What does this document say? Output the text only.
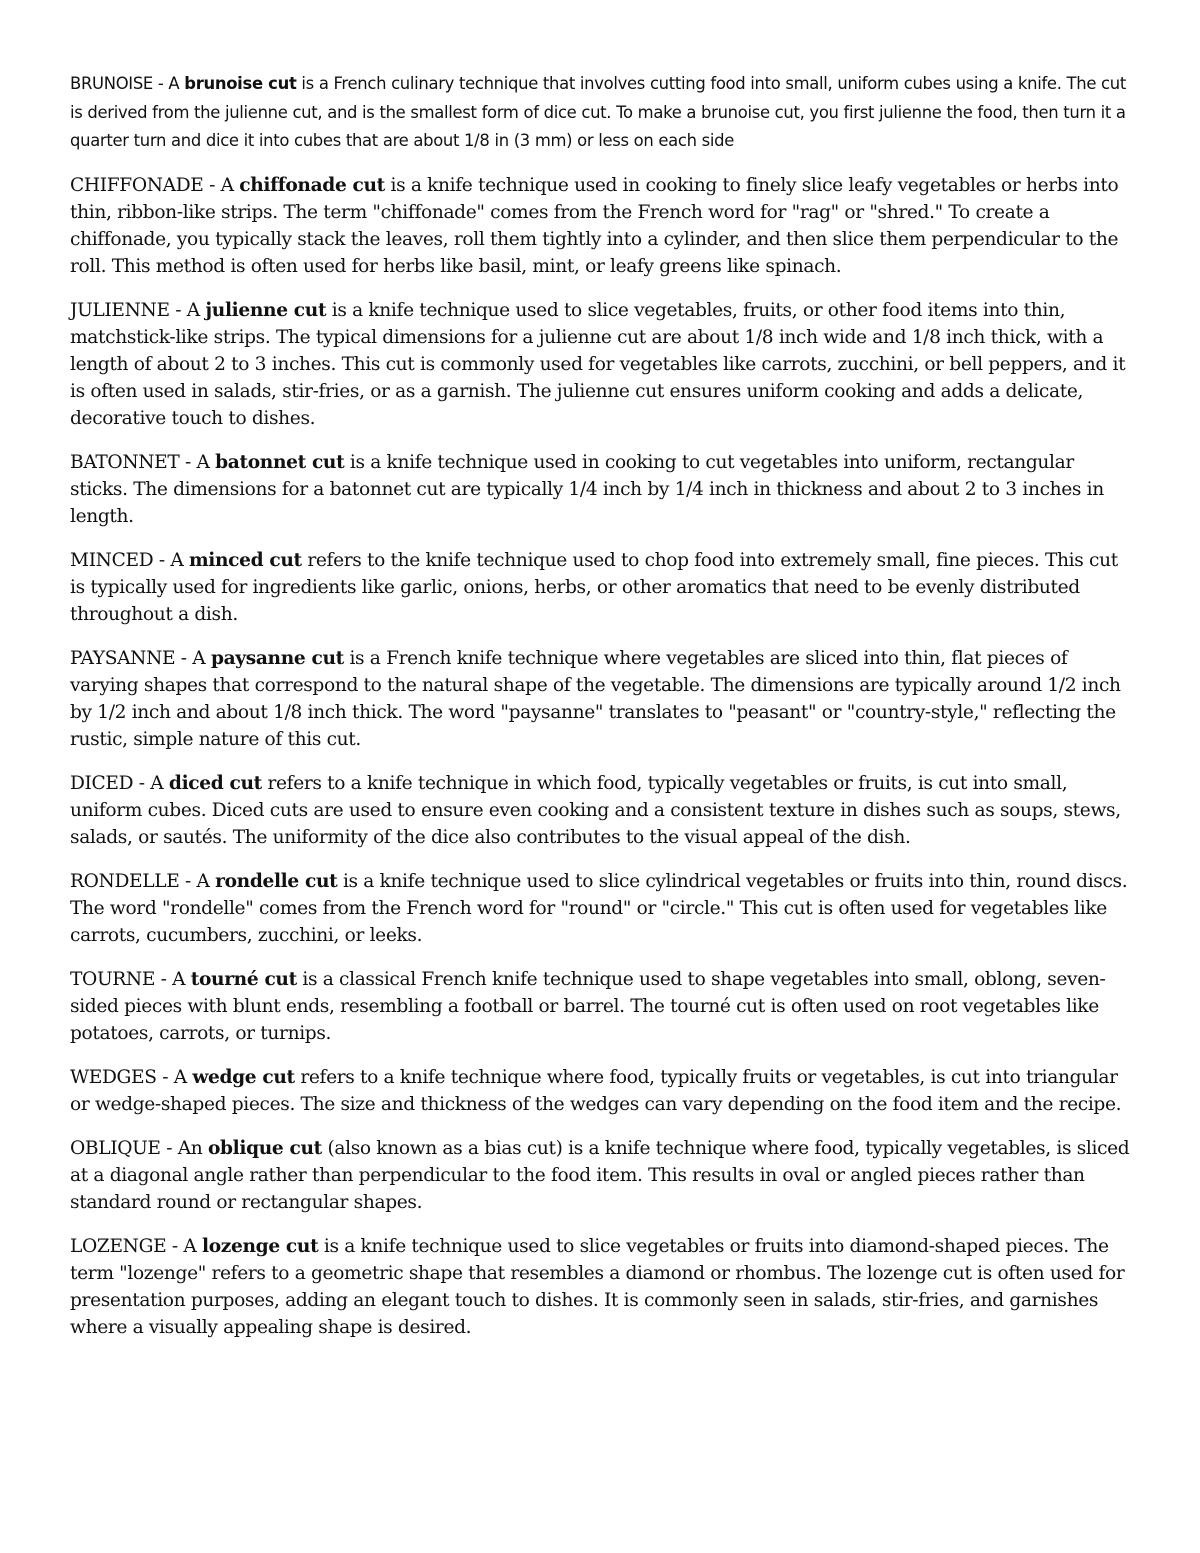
BRUNOISE - A brunoise cut is a French culinary technique that involves cutting food into small, uniform cubes using a knife. The cut is derived from the julienne cut, and is the smallest form of dice cut. To make a brunoise cut, you first julienne the food, then turn it a quarter turn and dice it into cubes that are about 1/8 in (3 mm) or less on each side

CHIFFONADE - A chiffonade cut is a knife technique used in cooking to finely slice leafy vegetables or herbs into thin, ribbon-like strips. The term "chiffonade" comes from the French word for "rag" or "shred." To create a chiffonade, you typically stack the leaves, roll them tightly into a cylinder, and then slice them perpendicular to the roll. This method is often used for herbs like basil, mint, or leafy greens like spinach.

JULIENNE - A julienne cut is a knife technique used to slice vegetables, fruits, or other food items into thin, matchstick-like strips. The typical dimensions for a julienne cut are about 1/8 inch wide and 1/8 inch thick, with a length of about 2 to 3 inches. This cut is commonly used for vegetables like carrots, zucchini, or bell peppers, and it is often used in salads, stir-fries, or as a garnish. The julienne cut ensures uniform cooking and adds a delicate, decorative touch to dishes.

BATONNET - A batonnet cut is a knife technique used in cooking to cut vegetables into uniform, rectangular sticks. The dimensions for a batonnet cut are typically 1/4 inch by 1/4 inch in thickness and about 2 to 3 inches in length.

MINCED - A minced cut refers to the knife technique used to chop food into extremely small, fine pieces. This cut is typically used for ingredients like garlic, onions, herbs, or other aromatics that need to be evenly distributed throughout a dish.

PAYSANNE - A paysanne cut is a French knife technique where vegetables are sliced into thin, flat pieces of varying shapes that correspond to the natural shape of the vegetable. The dimensions are typically around 1/2 inch by 1/2 inch and about 1/8 inch thick. The word "paysanne" translates to "peasant" or "country-style," reflecting the rustic, simple nature of this cut.

DICED - A diced cut refers to a knife technique in which food, typically vegetables or fruits, is cut into small, uniform cubes. Diced cuts are used to ensure even cooking and a consistent texture in dishes such as soups, stews, salads, or sautés. The uniformity of the dice also contributes to the visual appeal of the dish.

RONDELLE - A rondelle cut is a knife technique used to slice cylindrical vegetables or fruits into thin, round discs. The word "rondelle" comes from the French word for "round" or "circle." This cut is often used for vegetables like carrots, cucumbers, zucchini, or leeks.

TOURNE - A tourné cut is a classical French knife technique used to shape vegetables into small, oblong, seven-sided pieces with blunt ends, resembling a football or barrel. The tourné cut is often used on root vegetables like potatoes, carrots, or turnips.

WEDGES - A wedge cut refers to a knife technique where food, typically fruits or vegetables, is cut into triangular or wedge-shaped pieces. The size and thickness of the wedges can vary depending on the food item and the recipe.

OBLIQUE - An oblique cut (also known as a bias cut) is a knife technique where food, typically vegetables, is sliced at a diagonal angle rather than perpendicular to the food item. This results in oval or angled pieces rather than standard round or rectangular shapes.

LOZENGE - A lozenge cut is a knife technique used to slice vegetables or fruits into diamond-shaped pieces. The term "lozenge" refers to a geometric shape that resembles a diamond or rhombus. The lozenge cut is often used for presentation purposes, adding an elegant touch to dishes. It is commonly seen in salads, stir-fries, and garnishes where a visually appealing shape is desired.
